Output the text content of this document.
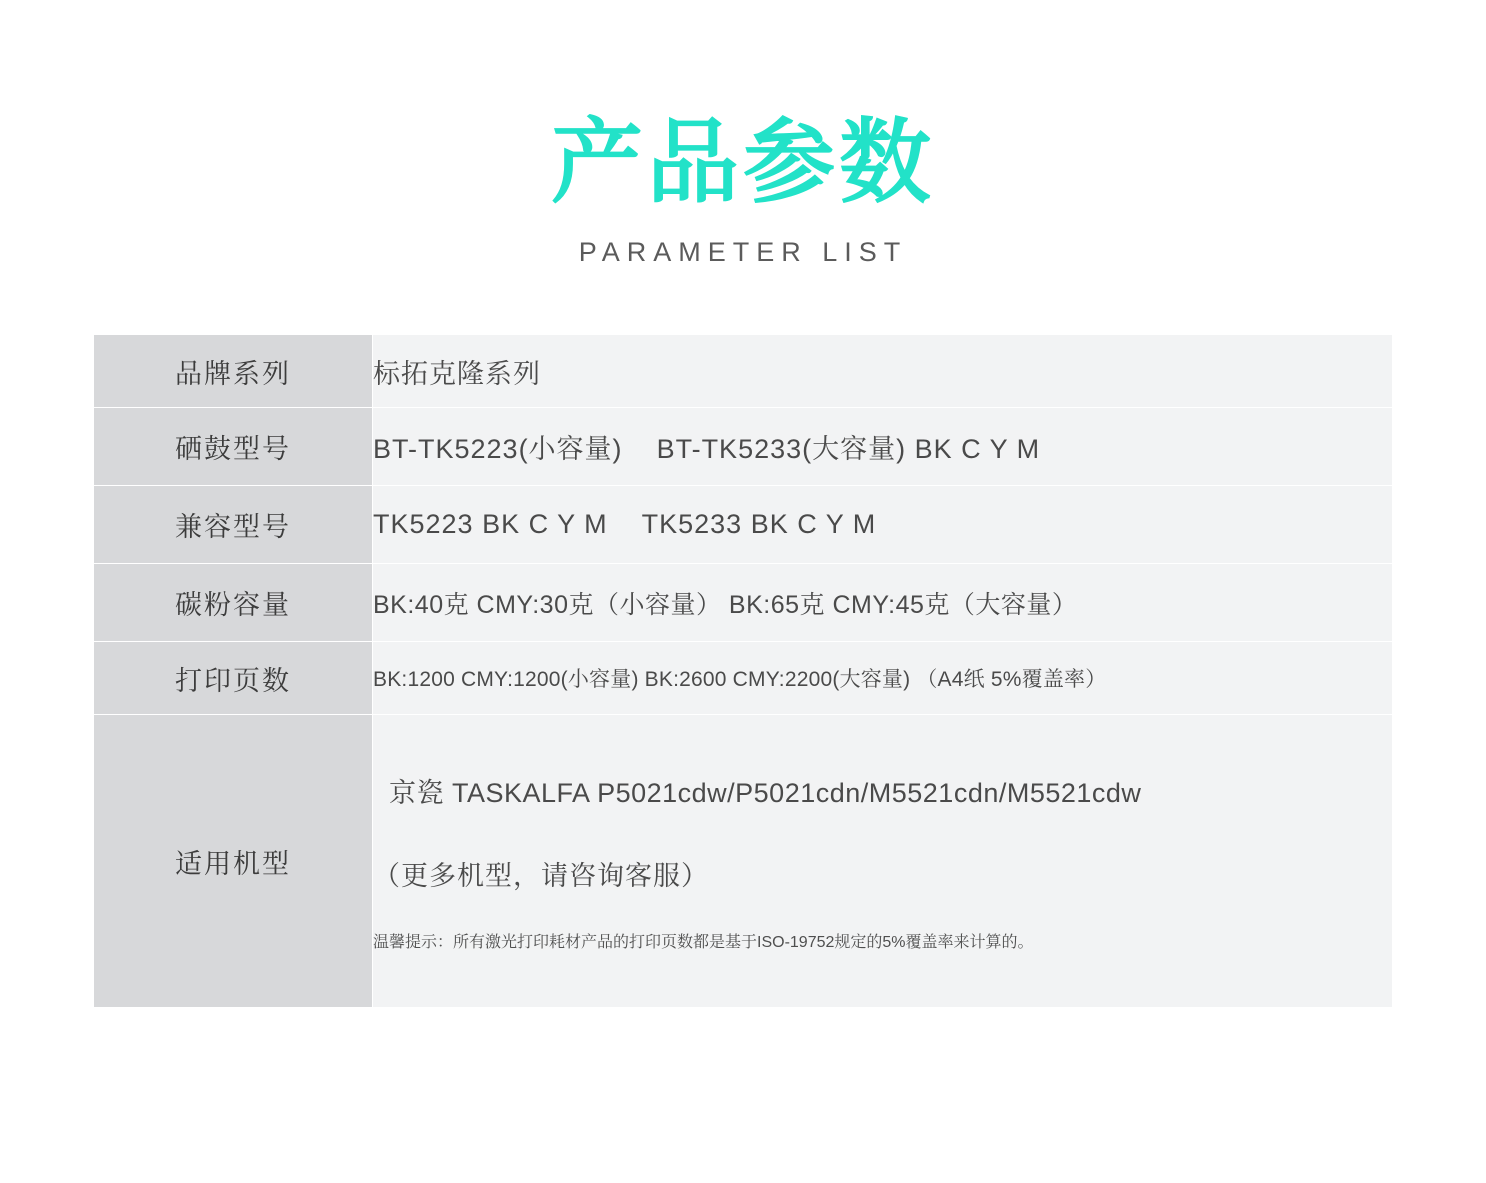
产品参数
PARAMETER LIST
品牌系列	标拓克隆系列
硒鼓型号	BT-TK5223(小容量) BT-TK5233(大容量) BK C Y M
兼容型号	TK5223 BK C Y M TK5233 BK C Y M
碳粉容量	BK:40克 CMY:30克（小容量） BK:65克 CMY:45克（大容量）
打印页数	BK:1200 CMY:1200(小容量) BK:2600 CMY:2200(大容量) （A4纸 5%覆盖率）
适用机型	京瓷 TASKALFA P5021cdw/P5021cdn/M5521cdn/M5521cdw
（更多机型，请咨询客服）
温馨提示：所有激光打印耗材产品的打印页数都是基于ISO-19752规定的5%覆盖率来计算的。
